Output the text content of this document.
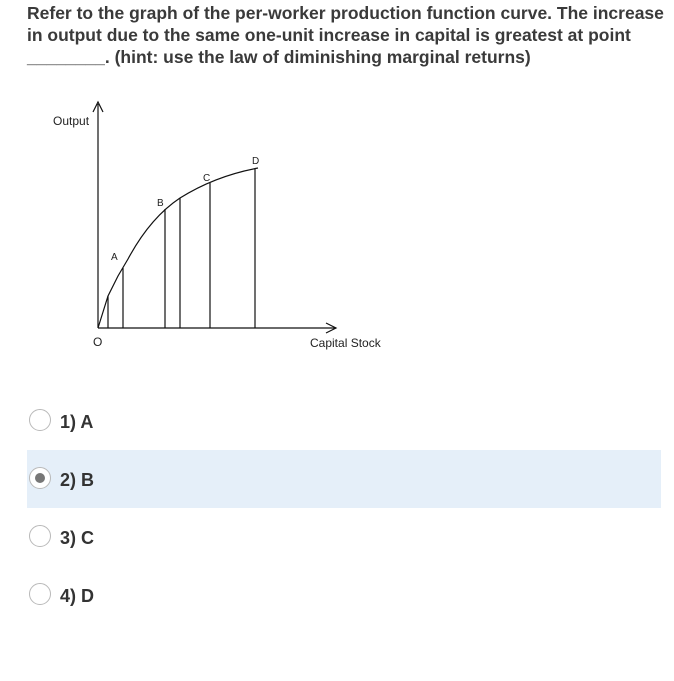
Refer to the graph of the per-worker production function curve. The increase in output due to the same one-unit increase in capital is greatest at point ________. (hint: use the law of diminishing marginal returns)

Output
Capital Stock
O
A
B
C
D
1) A
2) B
3) C
4) D
